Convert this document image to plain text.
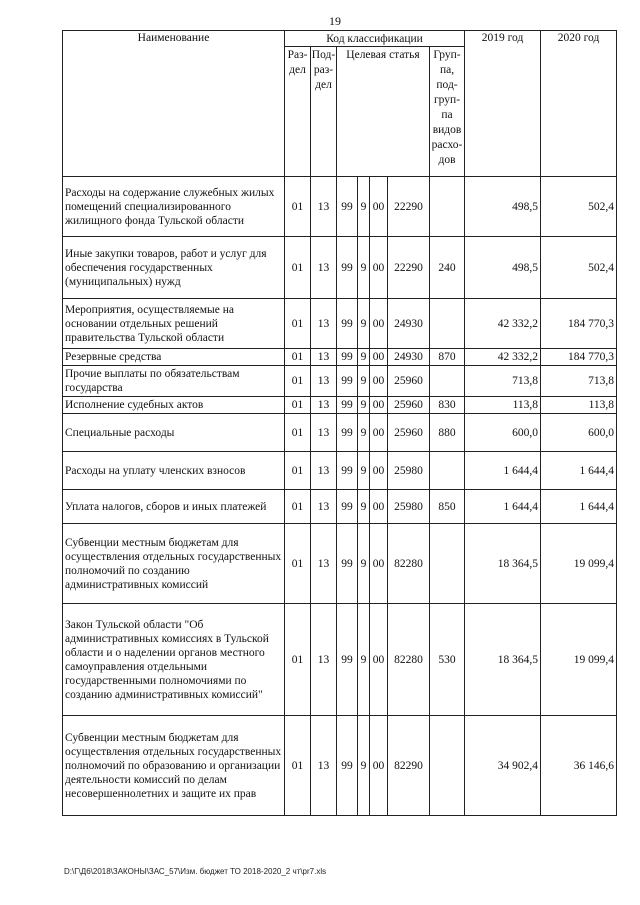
19
Наименование	Код классификации							2019 год	2020 год
	Раз-дел	Под-раз-дел	Целевая статья				Груп-па, под-груп-па видов расхо-дов		
Расходы на содержание служебных жилых помещений специализированного жилищного фонда Тульской области	01	13	99	9	00	22290		498,5	502,4
Иные закупки товаров, работ и услуг для обеспечения государственных (муниципальных) нужд	01	13	99	9	00	22290	240	498,5	502,4
Мероприятия, осуществляемые на основании отдельных решений правительства Тульской области	01	13	99	9	00	24930		42 332,2	184 770,3
Резервные средства	01	13	99	9	00	24930	870	42 332,2	184 770,3
Прочие выплаты по обязательствам государства	01	13	99	9	00	25960		713,8	713,8
Исполнение судебных актов	01	13	99	9	00	25960	830	113,8	113,8
Специальные расходы	01	13	99	9	00	25960	880	600,0	600,0
Расходы на уплату членских взносов	01	13	99	9	00	25980		1 644,4	1 644,4
Уплата налогов, сборов и иных платежей	01	13	99	9	00	25980	850	1 644,4	1 644,4
Субвенции местным бюджетам для осуществления отдельных государственных полномочий по созданию административных комиссий	01	13	99	9	00	82280		18 364,5	19 099,4
Закон Тульской области "Об административных комиссиях в Тульской области и о наделении органов местного самоуправления отдельными государственными полномочиями по созданию административных комиссий"	01	13	99	9	00	82280	530	18 364,5	19 099,4
Субвенции местным бюджетам для осуществления отдельных государственных полномочий по образованию и организации деятельности комиссий по делам несовершеннолетних и защите их прав	01	13	99	9	00	82290		34 902,4	36 146,6
D:\Г\Д6\2018\ЗАКОНЫ\ЗАС_57\Изм. бюджет ТО 2018-2020_2 чт\pr7.xls
